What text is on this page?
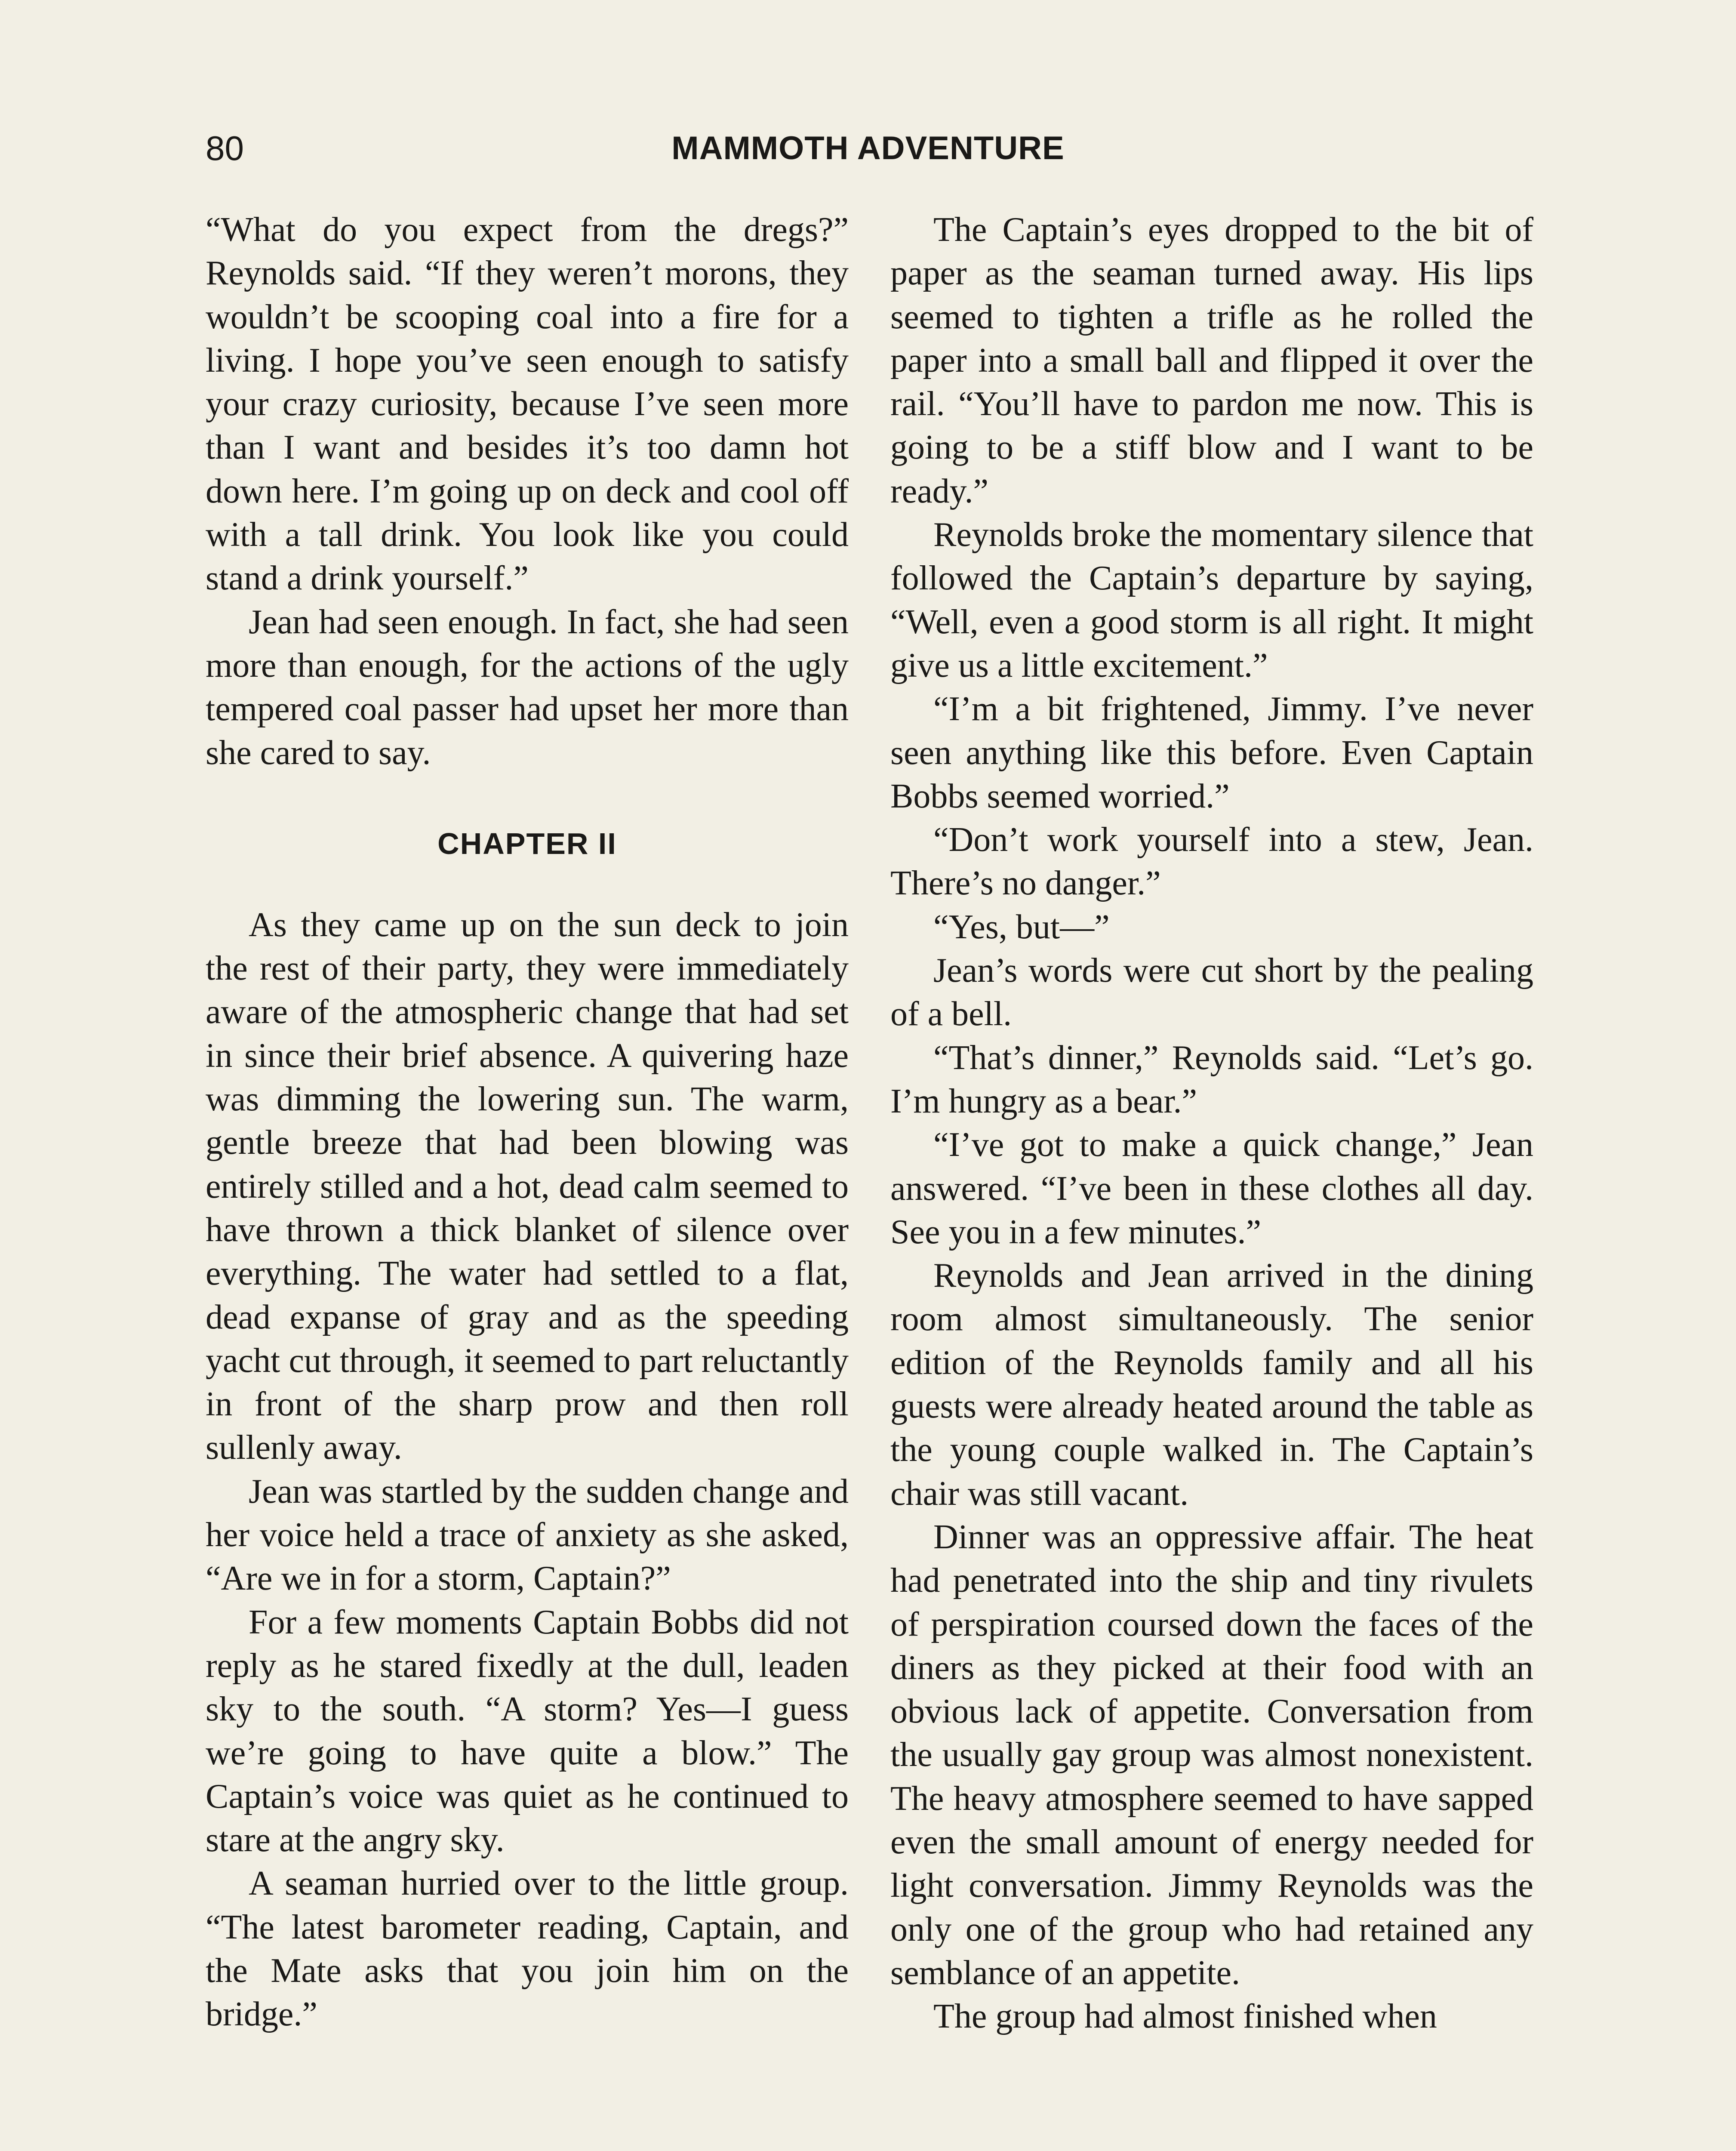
80	MAMMOTH ADVENTURE

“What do you expect from the dregs?” Reynolds said. “If they weren’t morons, they wouldn’t be scooping coal into a fire for a living. I hope you’ve seen enough to satisfy your crazy curiosity, because I’ve seen more than I want and besides it’s too damn hot down here. I’m going up on deck and cool off with a tall drink. You look like you could stand a drink yourself.”

Jean had seen enough. In fact, she had seen more than enough, for the actions of the ugly tempered coal passer had upset her more than she cared to say.

CHAPTER II

As they came up on the sun deck to join the rest of their party, they were immediately aware of the atmospheric change that had set in since their brief absence. A quivering haze was dimming the lowering sun. The warm, gentle breeze that had been blowing was entirely stilled and a hot, dead calm seemed to have thrown a thick blanket of silence over everything. The water had settled to a flat, dead expanse of gray and as the speeding yacht cut through, it seemed to part reluctantly in front of the sharp prow and then roll sullenly away.

Jean was startled by the sudden change and her voice held a trace of anxiety as she asked, “Are we in for a storm, Captain?”

For a few moments Captain Bobbs did not reply as he stared fixedly at the dull, leaden sky to the south. “A storm? Yes—I guess we’re going to have quite a blow.” The Captain’s voice was quiet as he continued to stare at the angry sky.

A seaman hurried over to the little group. “The latest barometer reading, Captain, and the Mate asks that you join him on the bridge.”

The Captain’s eyes dropped to the bit of paper as the seaman turned away. His lips seemed to tighten a trifle as he rolled the paper into a small ball and flipped it over the rail. “You’ll have to pardon me now. This is going to be a stiff blow and I want to be ready.”

Reynolds broke the momentary silence that followed the Captain’s departure by saying, “Well, even a good storm is all right. It might give us a little excitement.”

“I’m a bit frightened, Jimmy. I’ve never seen anything like this before. Even Captain Bobbs seemed worried.”

“Don’t work yourself into a stew, Jean. There’s no danger.”

“Yes, but—”

Jean’s words were cut short by the pealing of a bell.

“That’s dinner,” Reynolds said. “Let’s go. I’m hungry as a bear.”

“I’ve got to make a quick change,” Jean answered. “I’ve been in these clothes all day. See you in a few minutes.”

Reynolds and Jean arrived in the dining room almost simultaneously. The senior edition of the Reynolds family and all his guests were already heated around the table as the young couple walked in. The Captain’s chair was still vacant.

Dinner was an oppressive affair. The heat had penetrated into the ship and tiny rivulets of perspiration coursed down the faces of the diners as they picked at their food with an obvious lack of appetite. Conversation from the usually gay group was almost nonexistent. The heavy atmosphere seemed to have sapped even the small amount of energy needed for light conversation. Jimmy Reynolds was the only one of the group who had retained any semblance of an appetite.

The group had almost finished when
